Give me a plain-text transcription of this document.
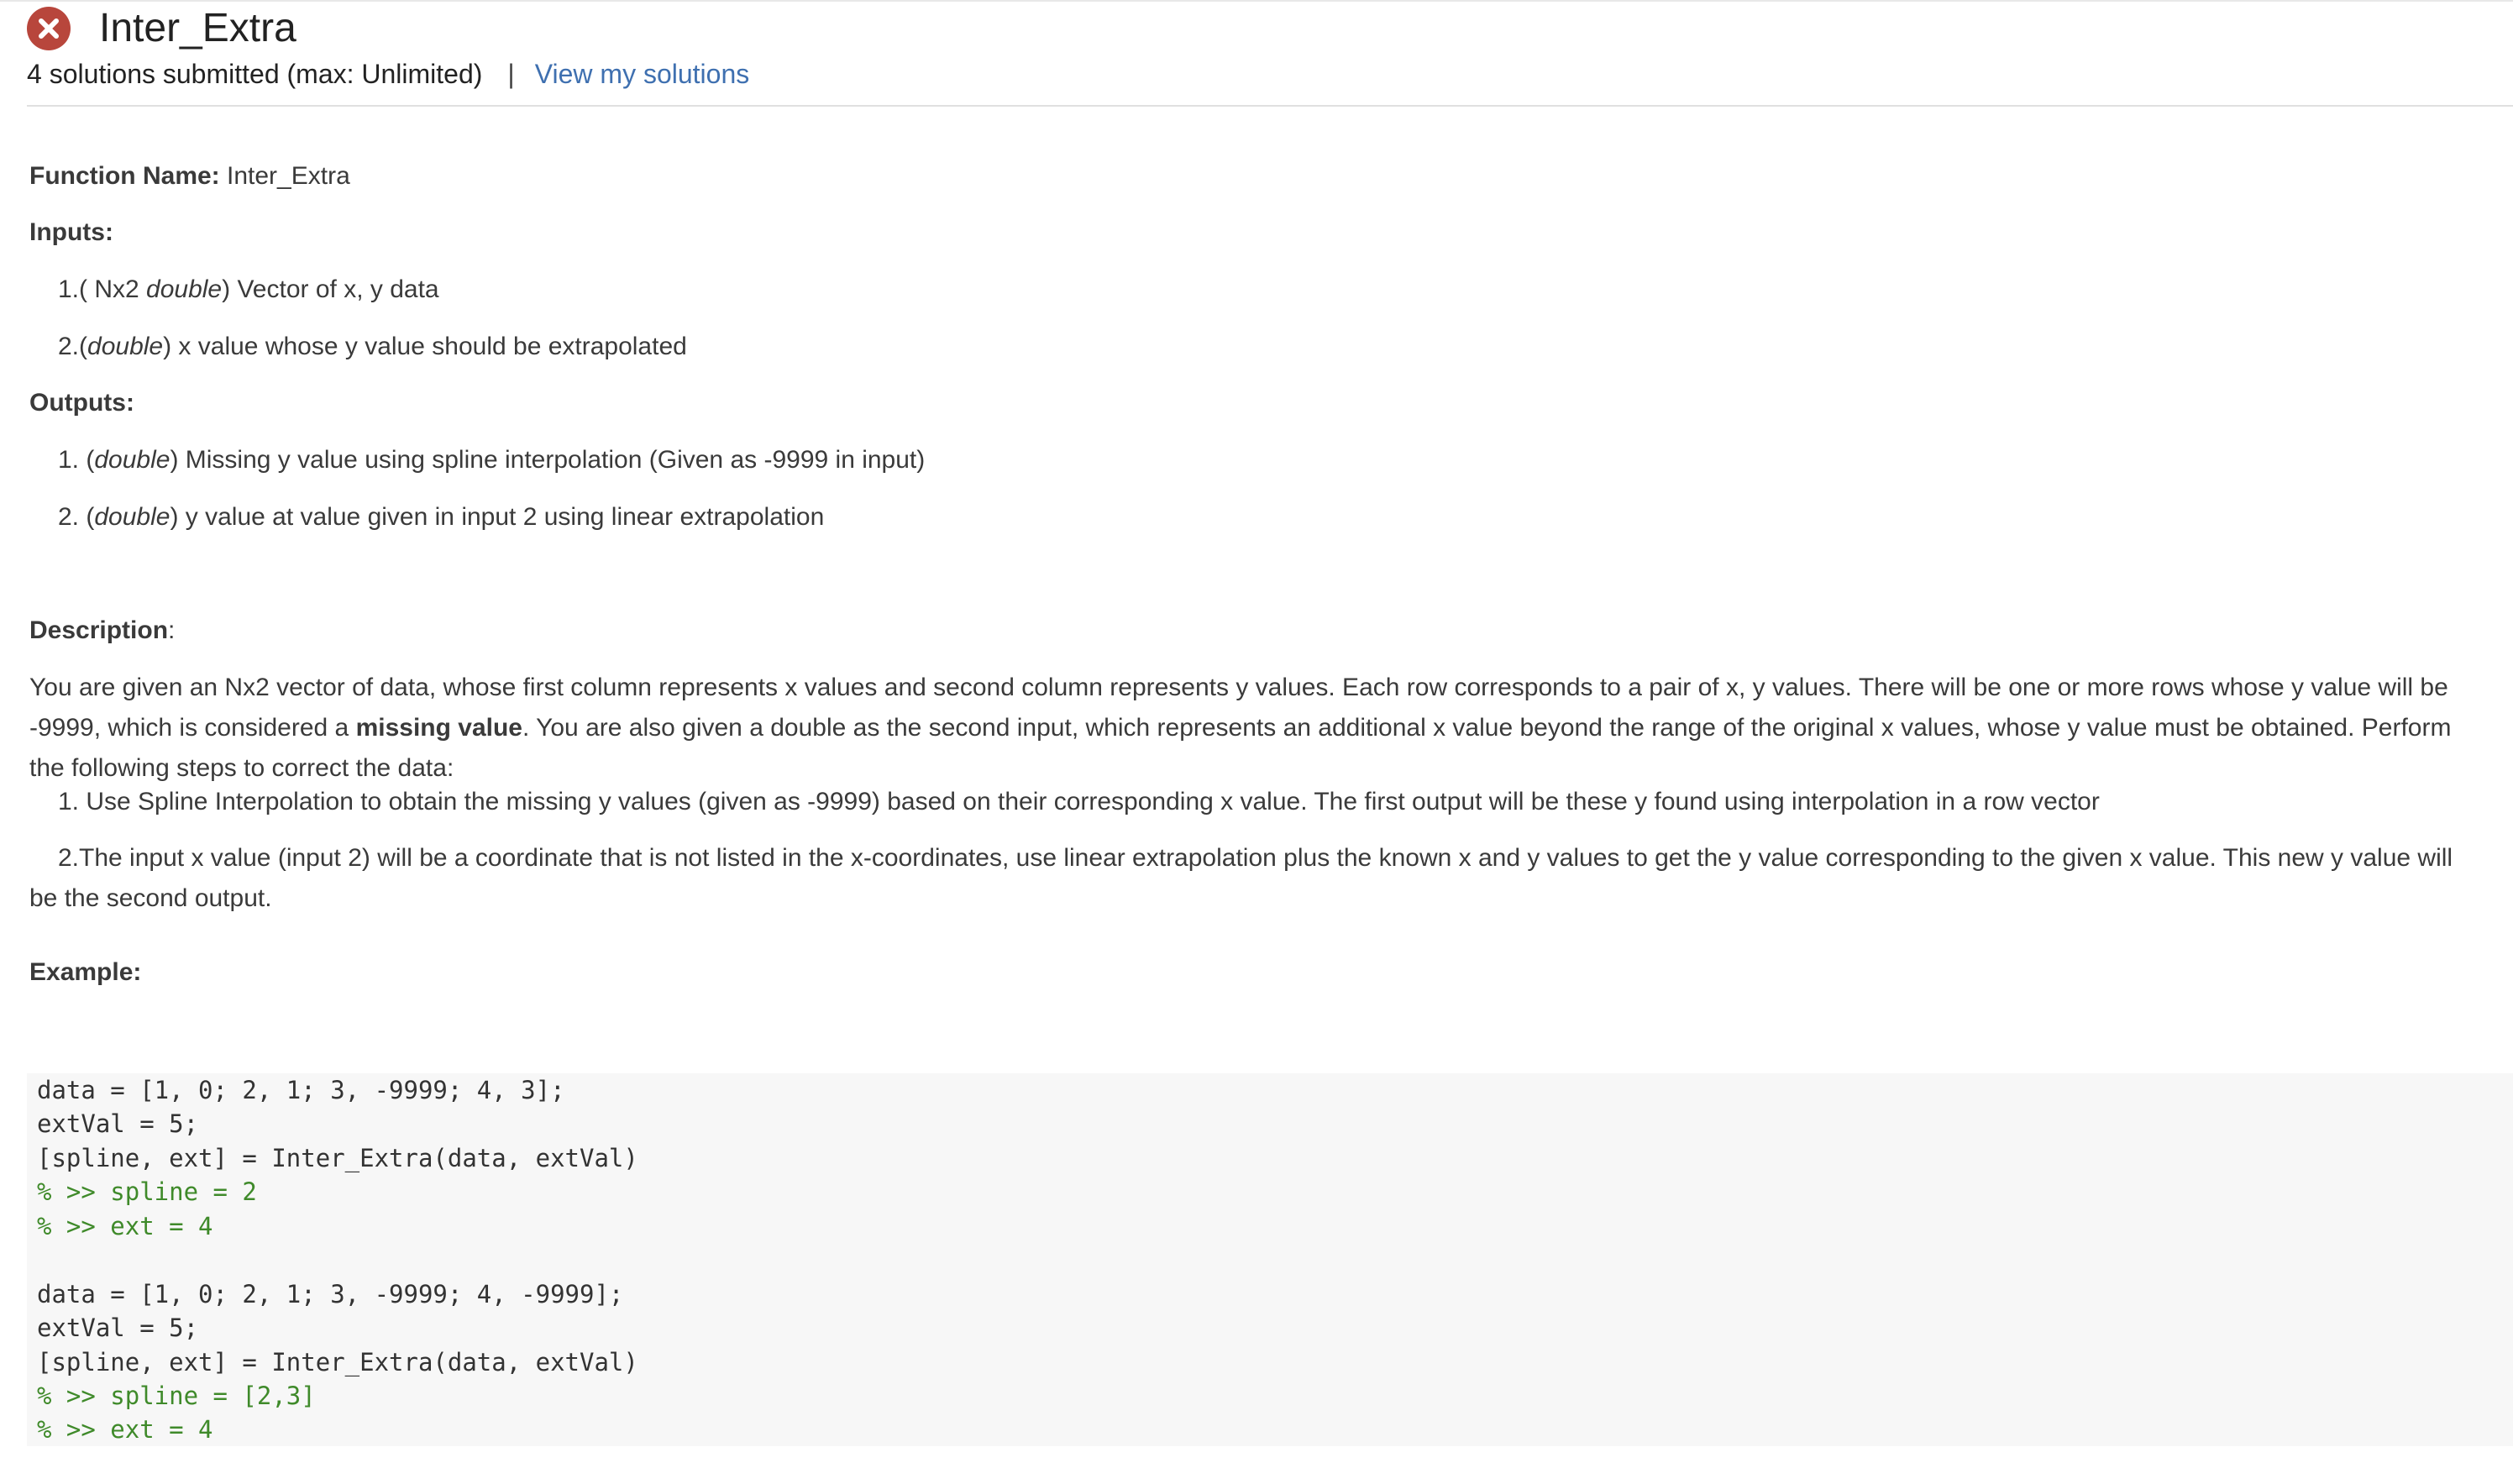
Inter_Extra
4 solutions submitted (max: Unlimited) | View my solutions
Function Name: Inter_Extra
Inputs:
1.( Nx2 double) Vector of x, y data
2.(double) x value whose y value should be extrapolated
Outputs:
1. (double) Missing y value using spline interpolation (Given as -9999 in input)
2. (double) y value at value given in input 2 using linear extrapolation
Description:
You are given an Nx2 vector of data, whose first column represents x values and second column represents y values. Each row corresponds to a pair of x, y values. There will be one or more rows whose y value will be -9999, which is considered a missing value. You are also given a double as the second input, which represents an additional x value beyond the range of the original x values, whose y value must be obtained. Perform the following steps to correct the data:
1. Use Spline Interpolation to obtain the missing y values (given as -9999) based on their corresponding x value. The first output will be these y found using interpolation in a row vector
2.The input x value (input 2) will be a coordinate that is not listed in the x-coordinates, use linear extrapolation plus the known x and y values to get the y value corresponding to the given x value. This new y value will be the second output.
Example:
data = [1, 0; 2, 1; 3, -9999; 4, 3];
extVal = 5;
[spline, ext] = Inter_Extra(data, extVal)
% >> spline = 2
% >> ext = 4
data = [1, 0; 2, 1; 3, -9999; 4, -9999];
extVal = 5;
[spline, ext] = Inter_Extra(data, extVal)
% >> spline = [2,3]
% >> ext = 4
